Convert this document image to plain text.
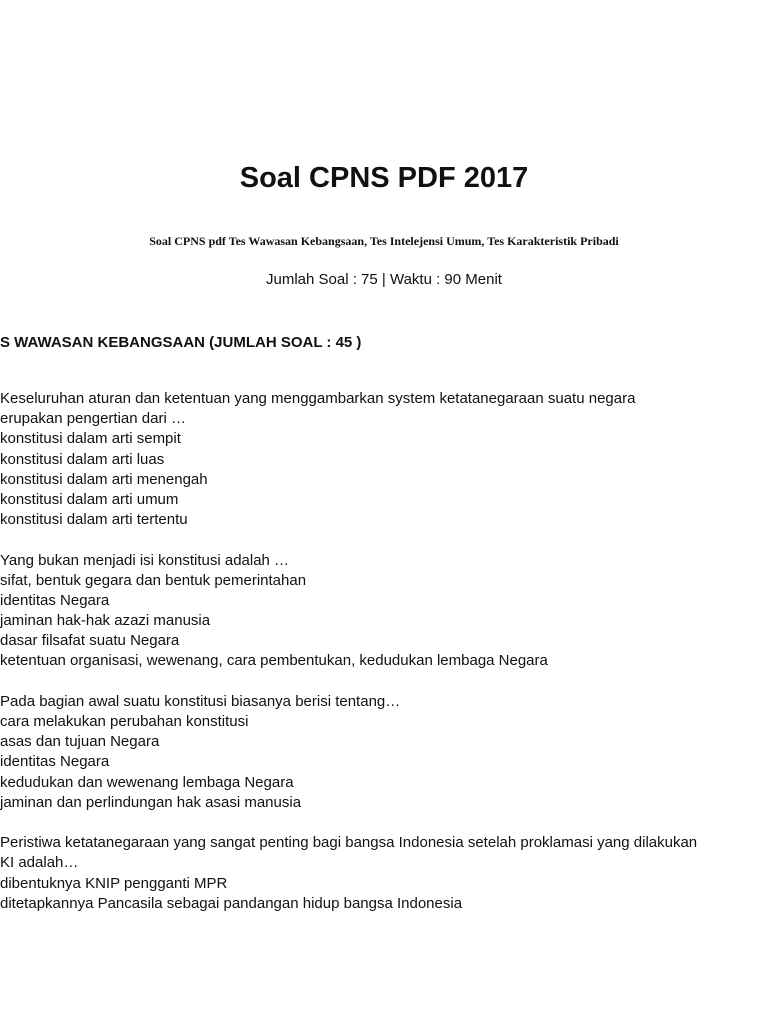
Soal CPNS PDF 2017
Soal CPNS pdf Tes Wawasan Kebangsaan, Tes Intelejensi Umum, Tes Karakteristik Pribadi
Jumlah Soal : 75 | Waktu : 90 Menit
S WAWASAN KEBANGSAAN (JUMLAH SOAL : 45 )
Keseluruhan aturan dan ketentuan yang menggambarkan system ketatanegaraan suatu negara
erupakan pengertian dari …
konstitusi dalam arti sempit
konstitusi dalam arti luas
konstitusi dalam arti menengah
konstitusi dalam arti umum
konstitusi dalam arti tertentu
Yang bukan menjadi isi konstitusi adalah …
sifat, bentuk gegara dan bentuk pemerintahan
identitas Negara
jaminan hak-hak azazi manusia
dasar filsafat suatu Negara
ketentuan organisasi, wewenang, cara pembentukan, kedudukan lembaga Negara
Pada bagian awal suatu konstitusi biasanya berisi tentang…
cara melakukan perubahan konstitusi
asas dan tujuan Negara
identitas Negara
kedudukan dan wewenang lembaga Negara
jaminan dan perlindungan hak asasi manusia
Peristiwa ketatanegaraan yang sangat penting bagi bangsa Indonesia setelah proklamasi yang dilakukan
KI adalah…
dibentuknya KNIP pengganti MPR
ditetapkannya Pancasila sebagai pandangan hidup bangsa Indonesia
